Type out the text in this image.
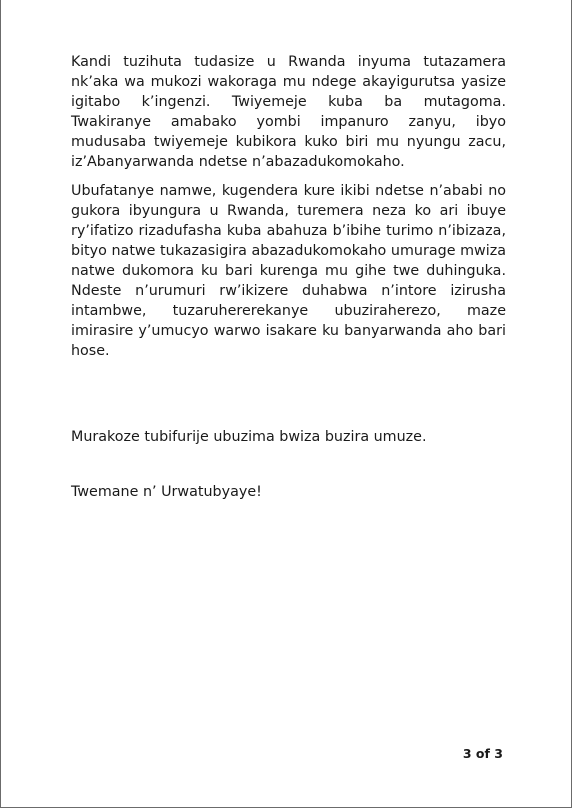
Kandi tuzihuta tudasize u Rwanda inyuma tutazamera nk’aka wa mukozi wakoraga mu ndege akayigurutsa yasize igitabo k’ingenzi. Twiyemeje kuba ba mutagoma. Twakiranye amabako yombi impanuro zanyu, ibyo mudusaba twiyemeje kubikora kuko biri mu nyungu zacu, iz’Abanyarwanda ndetse n’abazadukomokaho.

Ubufatanye namwe, kugendera kure ikibi ndetse n’ababi no gukora ibyungura u Rwanda, turemera neza ko ari ibuye ry’ifatizo rizadufasha kuba abahuza b’ibihe turimo n’ibizaza, bityo natwe tukazasigira abazadukomokaho umurage mwiza natwe dukomora ku bari kurenga mu gihe twe duhinguka. Ndeste n’urumuri rw’ikizere duhabwa n’intore izirusha intambwe, tuzaruhererekanye ubuziraherezo, maze imirasire y’umucyo warwo isakare ku banyarwanda aho bari hose.

Murakoze tubifurije ubuzima bwiza buzira umuze.

Twemane n’ Urwatubyaye!

3 of 3
